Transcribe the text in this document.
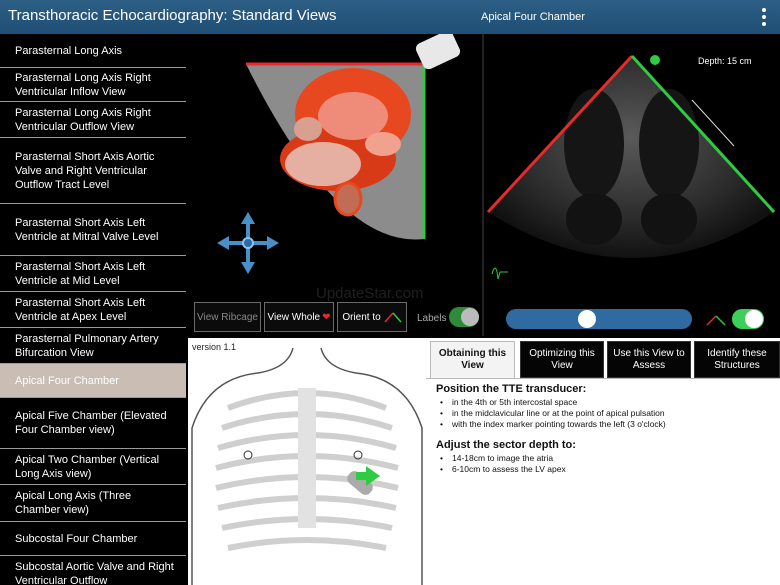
Transthoracic Echocardiography: Standard Views	Apical Four Chamber
Parasternal Long Axis
Parasternal Long Axis Right Ventricular Inflow View
Parasternal Long Axis Right Ventricular Outflow View
Parasternal Short Axis Aortic Valve and Right Ventricular Outflow Tract Level
Parasternal Short Axis Left Ventricle at Mitral Valve Level
Parasternal Short Axis Left Ventricle at Mid Level
Parasternal Short Axis Left Ventricle at Apex Level
Parasternal Pulmonary Artery Bifurcation View
Apical Four Chamber
Apical Five Chamber (Elevated Four Chamber view)
Apical Two Chamber (Vertical Long Axis view)
Apical Long Axis (Three Chamber view)
Subcostal Four Chamber
Subcostal Aortic Valve and Right Ventricular Outflow
View Ribcage View Whole ❤ Orient to	Labels
Depth: 15 cm
UpdateStar.com
version 1.1
Obtaining this View
Optimizing this View
Use this View to Assess
Identify these Structures
Position the TTE transducer:
• in the 4th or 5th intercostal space
• in the midclavicular line or at the point of apical pulsation
• with the index marker pointing towards the left (3 o'clock)
Adjust the sector depth to:
• 14-18cm to image the atria
• 6-10cm to assess the LV apex
